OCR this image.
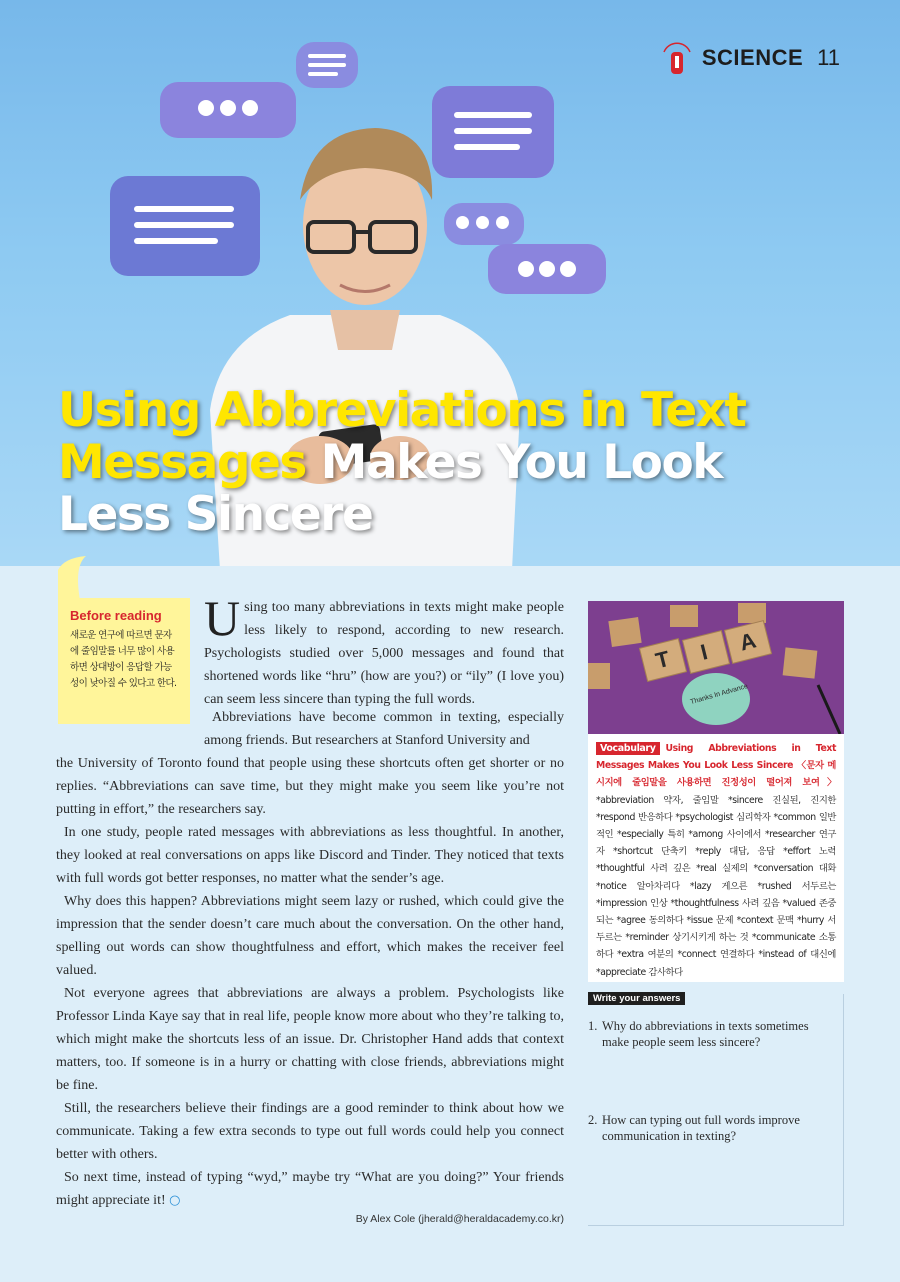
SCIENCE 11
Using Abbreviations in Text
Messages Makes You Look
Less Sincere
Before reading
새로운 연구에 따르면 문자에 줄임말를 너무 많이 사용하면 상대방이 응답할 가능성이 낮아질 수 있다고 한다.
Using too many abbreviations in texts might make people less likely to respond, according to new research. Psychologists studied over 5,000 messages and found that shortened words like “hru” (how are you?) or “ily” (I love you) can seem less sincere than typing the full words.
Abbreviations have become common in texting, especially among friends. But researchers at Stanford University and
the University of Toronto found that people using these shortcuts often get shorter or no replies. “Abbreviations can save time, but they might make you seem like you’re not putting in effort,” the researchers say.
In one study, people rated messages with abbreviations as less thoughtful. In another, they looked at real conversations on apps like Discord and Tinder. They noticed that texts with full words got better responses, no matter what the sender’s age.
Why does this happen? Abbreviations might seem lazy or rushed, which could give the impression that the sender doesn’t care much about the conversation. On the other hand, spelling out words can show thoughtfulness and effort, which makes the receiver feel valued.
Not everyone agrees that abbreviations are always a problem. Psychologists like Professor Linda Kaye say that in real life, people know more about who they’re talking to, which might make the shortcuts less of an issue. Dr. Christopher Hand adds that context matters, too. If someone is in a hurry or chatting with close friends, abbreviations might be fine.
Still, the researchers believe their findings are a good reminder to think about how we communicate. Taking a few extra seconds to type out full words could help you connect better with others.
So next time, instead of typing “wyd,” maybe try “What are you doing?” Your friends might appreciate it! ○
By Alex Cole (jherald@heraldacademy.co.kr)
T I A
Thanks In Advance
Vocabulary Using Abbreviations in Text Messages Makes You Look Less Sincere 〈문자 메시지에 줄임말을 사용하면 진정성이 떨어져 보여〉 *abbreviation 약자, 줄임말 *sincere 진실된, 진지한 *respond 반응하다 *psychologist 심리학자 *common 일반적인 *especially 특히 *among 사이에서 *researcher 연구자 *shortcut 단축키 *reply 대답, 응답 *effort 노력 *thoughtful 사려 깊은 *real 실제의 *conversation 대화 *notice 알아차리다 *lazy 게으른 *rushed 서두르는 *impression 인상 *thoughtfulness 사려 깊음 *valued 존중되는 *agree 동의하다 *issue 문제 *context 문맥 *hurry 서두르는 *reminder 상기시키게 하는 것 *communicate 소통하다 *extra 여분의 *connect 연결하다 *instead of 대신에 *appreciate 감사하다
Write your answers
1. Why do abbreviations in texts sometimes make people seem less sincere?
2. How can typing out full words improve communication in texting?
